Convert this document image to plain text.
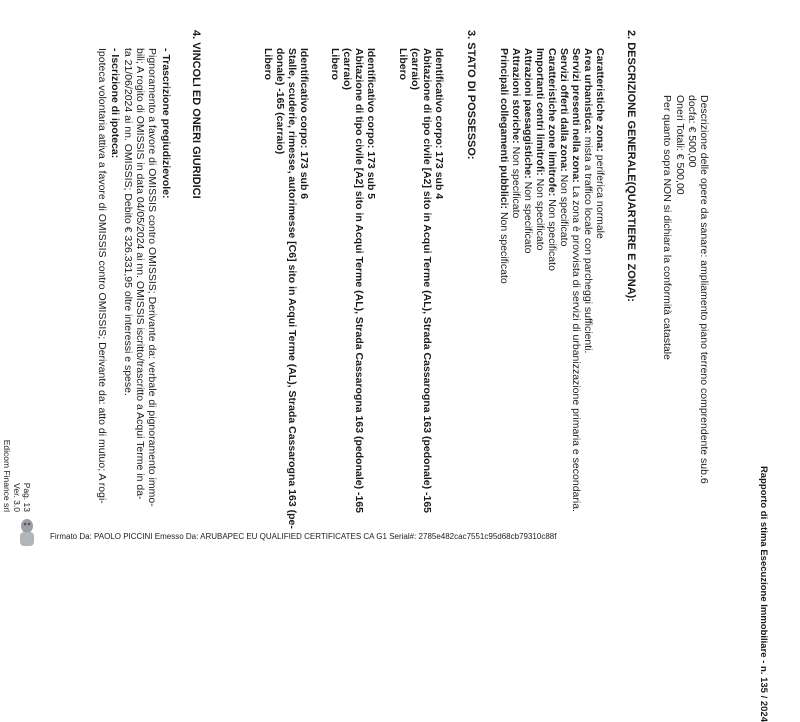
Rapporto di stima Esecuzione Immobiliare - n. 135 / 2024
Descrizione delle opere da sanare: ampliamento piano terreno comprendente sub.6
docfa: € 500,00
Oneri Totali: € 500,00
Per quanto sopra NON si dichiara la conformità catastale
2. DESCRIZIONE GENERALE(QUARTIERE E ZONA):
Caratteristiche zona: periferica normale
Area urbanistica: mista a traffico locale con parcheggi sufficienti.
Servizi presenti nella zona: La zona è provvista di servizi di urbanizzazione primaria e secondaria.
Servizi offerti dalla zona: Non specificato
Caratteristiche zone limitrofe: Non specificato
Importanti centri limitrofi: Non specificato
Attrazioni paesaggistiche: Non specificato
Attrazioni storiche: Non specificato
Principali collegamenti pubblici: Non specificato
3. STATO DI POSSESSO:
Identificativo corpo: 173 sub 4
Abitazione di tipo civile [A2] sito in Acqui Terme (AL), Strada Cassarogna 163 (pedonale) -165
(carraio)
Libero
Identificativo corpo: 173 sub 5
Abitazione di tipo civile [A2] sito in Acqui Terme (AL), Strada Cassarogna 163 (pedonale) -165
(carraio)
Libero
Identificativo corpo: 173 sub 6
Stalle, scuderie, rimesse, autorimesse [C6] sito in Acqui Terme (AL), Strada Cassarogna 163 (pe-
donale) -165 (carraio)
Libero
4. VINCOLI ED ONERI GIURIDICI
- Trascrizione pregiudizievole:
Pignoramento a favore di OMISSIS contro OMISSIS; Derivante da: verbale di pignoramento immo-
bili; A rogito di OMISSIS in data 04/05/2024 ai nn. OMISSIS iscritto/trascritto a Acqui Terme in da-
ta 21/06/2024 ai nn. OMISSIS; Debito € 326.331,95 oltre interessi e spese.
- Iscrizione di ipoteca:
Ipoteca volontaria attiva a favore di OMISSIS contro OMISSIS; Derivante da: atto di mutuo; A rogi-
Pag. 13
Ver. 3.0
Edicom Finance srl
Firmato Da: PAOLO PICCINI Emesso Da: ARUBAPEC EU QUALIFIED CERTIFICATES CA G1 Serial#: 2785e482cac7551c95d68cb79310c88f
